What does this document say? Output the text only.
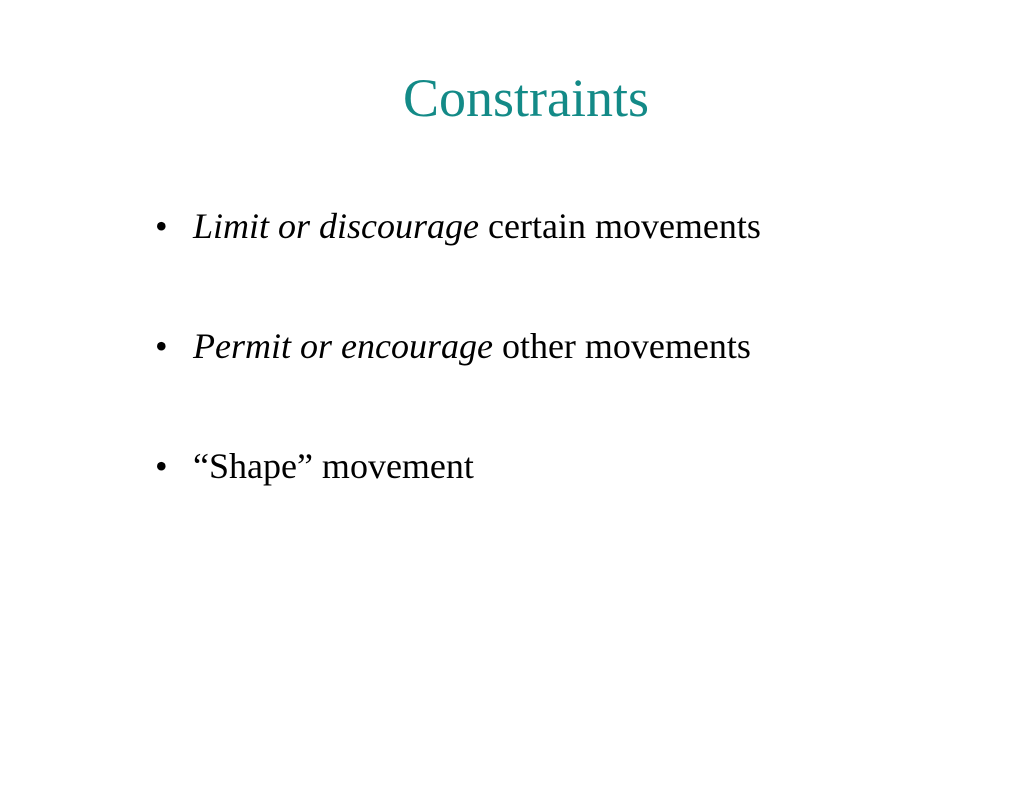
Constraints
• Limit or discourage certain movements
• Permit or encourage other movements
• “Shape” movement
